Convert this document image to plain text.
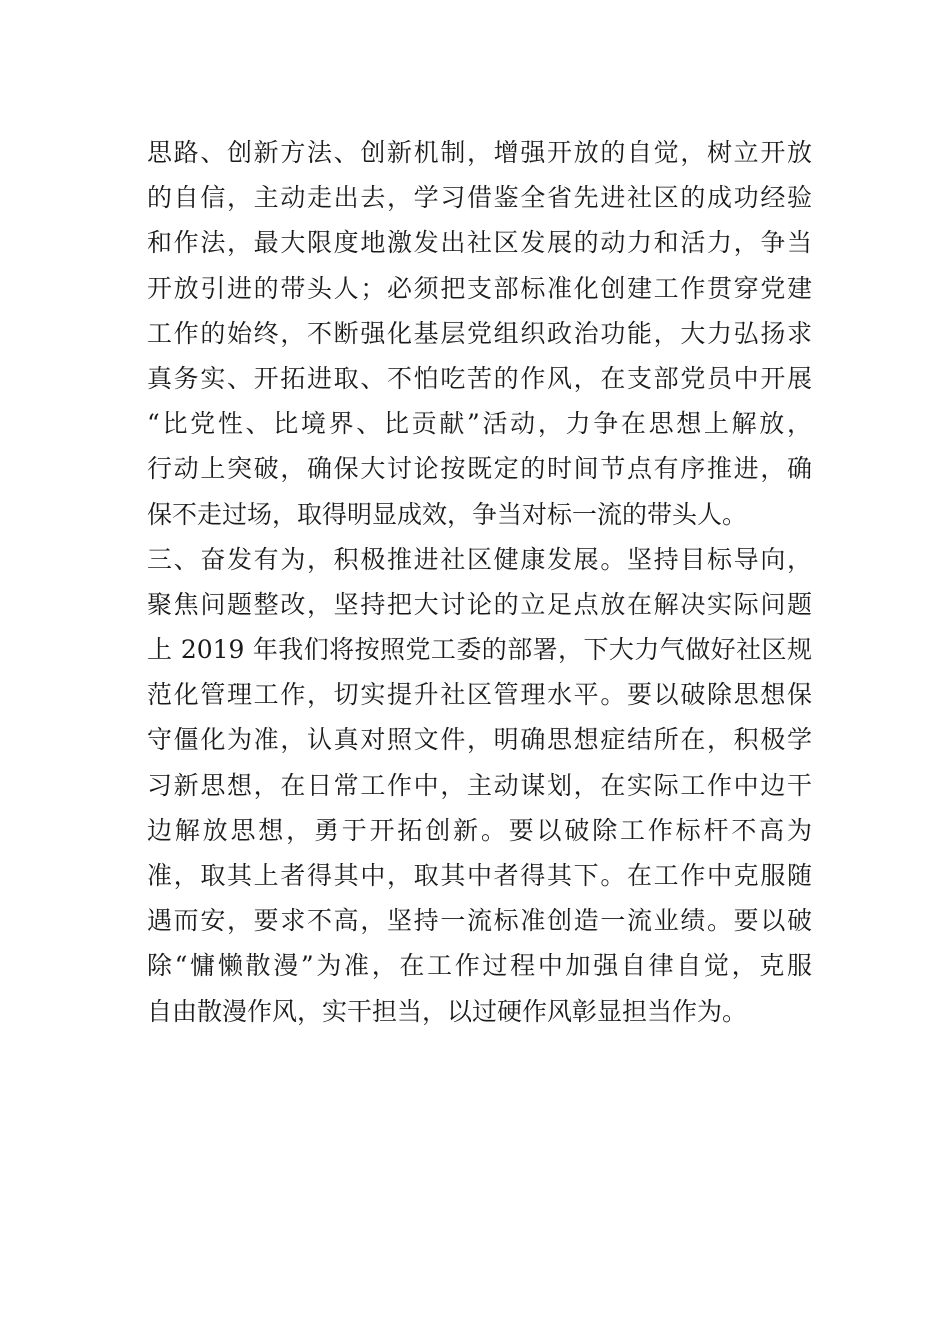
思路、创新方法、创新机制，增强开放的自觉，树立开放
的自信，主动走出去，学习借鉴全省先进社区的成功经验
和作法，最大限度地激发出社区发展的动力和活力，争当
开放引进的带头人；必须把支部标准化创建工作贯穿党建
工作的始终，不断强化基层党组织政治功能，大力弘扬求
真务实、开拓进取、不怕吃苦的作风，在支部党员中开展
“比党性、比境界、比贡献”活动，力争在思想上解放，
行动上突破，确保大讨论按既定的时间节点有序推进，确
保不走过场，取得明显成效，争当对标一流的带头人。
三、奋发有为，积极推进社区健康发展。坚持目标导向，
聚焦问题整改，坚持把大讨论的立足点放在解决实际问题
上 2019 年我们将按照党工委的部署，下大力气做好社区规
范化管理工作，切实提升社区管理水平。要以破除思想保
守僵化为准，认真对照文件，明确思想症结所在，积极学
习新思想，在日常工作中，主动谋划，在实际工作中边干
边解放思想，勇于开拓创新。要以破除工作标杆不高为
准，取其上者得其中，取其中者得其下。在工作中克服随
遇而安，要求不高，坚持一流标准创造一流业绩。要以破
除“慵懒散漫”为准，在工作过程中加强自律自觉，克服
自由散漫作风，实干担当，以过硬作风彰显担当作为。
